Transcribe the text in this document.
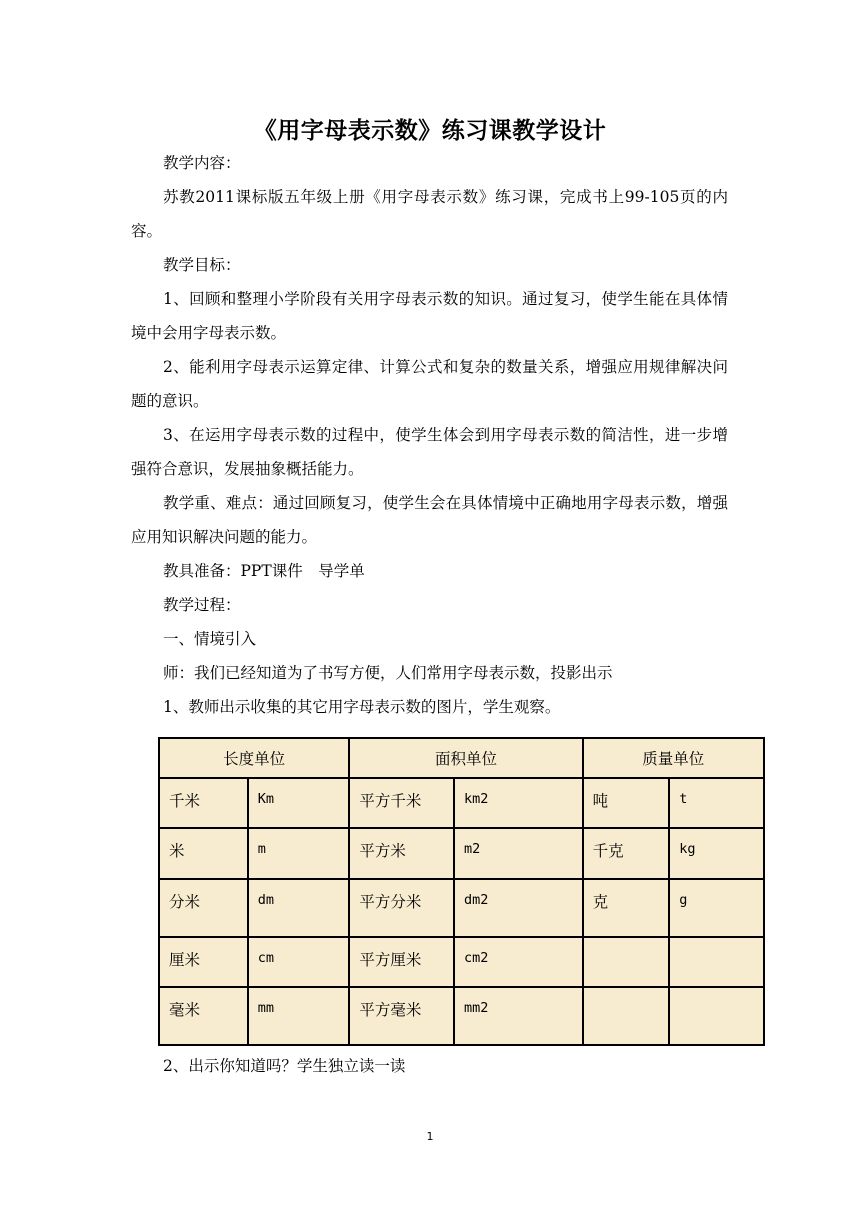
《用字母表示数》练习课教学设计
教学内容：
苏教2011课标版五年级上册《用字母表示数》练习课，完成书上99-105页的内容。
教学目标：
1、回顾和整理小学阶段有关用字母表示数的知识。通过复习，使学生能在具体情境中会用字母表示数。
2、能利用字母表示运算定律、计算公式和复杂的数量关系，增强应用规律解决问题的意识。
3、在运用字母表示数的过程中，使学生体会到用字母表示数的简洁性，进一步增强符合意识，发展抽象概括能力。
教学重、难点：通过回顾复习，使学生会在具体情境中正确地用字母表示数，增强应用知识解决问题的能力。
教具准备：PPT课件　导学单
教学过程：
一、情境引入
师：我们已经知道为了书写方便，人们常用字母表示数，投影出示
1、教师出示收集的其它用字母表示数的图片，学生观察。
长度单位		面积单位		质量单位	

千米	Km	平方千米	km2	吨	t

米	m	平方米	m2	千克	kg

分米	dm	平方分米	dm2	克	g

厘米	cm	平方厘米	cm2		

毫米	mm	平方毫米	mm2		

2、出示你知道吗？学生独立读一读
1
